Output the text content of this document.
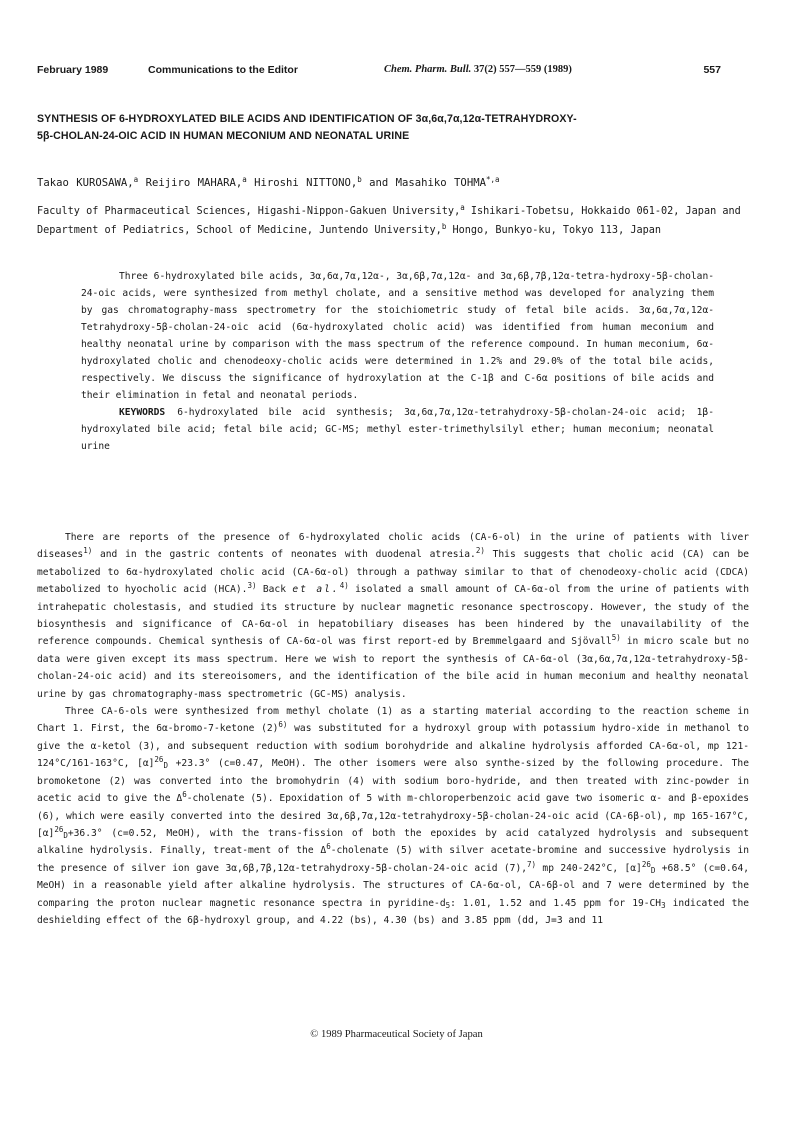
February 1989	Communications to the Editor	Chem. Pharm. Bull. 37(2) 557—559 (1989)	557
SYNTHESIS OF 6-HYDROXYLATED BILE ACIDS AND IDENTIFICATION OF 3α,6α,7α,12α-TETRAHYDROXY-
5β-CHOLAN-24-OIC ACID IN HUMAN MECONIUM AND NEONATAL URINE
Takao KUROSAWA,$^a$ Reijiro MAHARA,$^a$ Hiroshi NITTONO,$^b$ and Masahiko $TOHMA^{*,a}$
Faculty of Pharmaceutical Sciences, Higashi-Nippon-Gakuen University,$^a$ Ishikari-Tobetsu, Hokkaido 061-02, Japan and Department of Pediatrics, School of Medicine, Juntendo University,$^b$ Hongo, Bunkyo-ku, Tokyo 113, Japan

Three 6-hydroxylated bile acids, 3α,6α,7α,12α-, 3α,6β,7α,12α- and 3α,6β,7β,12α-tetra-hydroxy-5β-cholan-24-oic acids, were synthesized from methyl cholate, and a sensitive method was developed for analyzing them by gas chromatography-mass spectrometry for the stoichiometric study of fetal bile acids. 3α,6α,7α,12α-Tetrahydroxy-5β-cholan-24-oic acid (6α-hydroxylated cholic acid) was identified from human meconium and healthy neonatal urine by comparison with the mass spectrum of the reference compound. In human meconium, 6α-hydroxylated cholic and chenodeoxy-cholic acids were determined in 1.2% and 29.0% of the total bile acids, respectively. We discuss the significance of hydroxylation at the C-1β and C-6α positions of bile acids and their elimination in fetal and neonatal periods.

KEYWORDS 6-hydroxylated bile acid synthesis; 3α,6α,7α,12α-tetrahydroxy-5β-cholan-24-oic acid; 1β-hydroxylated bile acid; fetal bile acid; GC-MS; methyl ester-trimethylsilyl ether; human meconium; neonatal urine

There are reports of the presence of 6-hydroxylated cholic acids (CA-6-ol) in the urine of patients with liver diseases$^{1)}$ and in the gastric contents of neonates with duodenal atresia.$^{2)}$ This suggests that cholic acid (CA) can be metabolized to 6α-hydroxylated cholic acid (CA-6α-ol) through a pathway similar to that of chenodeoxy-cholic acid (CDCA) metabolized to hyocholic acid (HCA).$^{3)}$ Back et al.$^{4)}$ isolated a small amount of CA-6α-ol from the urine of patients with intrahepatic cholestasis, and studied its structure by nuclear magnetic resonance spectroscopy. However, the study of the biosynthesis and significance of CA-6α-ol in hepatobiliary diseases has been hindered by the unavailability of the reference compounds. Chemical synthesis of CA-6α-ol was first report-ed by Bremmelgaard and Sjövall$^{5)}$ in micro scale but no data were given except its mass spectrum. Here we wish to report the synthesis of CA-6α-ol (3α,6α,7α,12α-tetrahydroxy-5β-cholan-24-oic acid) and its stereoisomers, and the identification of the bile acid in human meconium and healthy neonatal urine by gas chromatography-mass spectrometric (GC-MS) analysis.

Three CA-6-ols were synthesized from methyl cholate (1) as a starting material according to the reaction scheme in Chart 1. First, the 6α-bromo-7-ketone $(2)^{6)}$ was substituted for a hydroxyl group with potassium hydro-xide in methanol to give the α-ketol (3), and subsequent reduction with sodium borohydride and alkaline hydrolysis afforded CA-6α-ol, mp 121-124°C/161-163°C, $[\alpha]^{26}_D +23.3^\circ$ (c=0.47, MeOH). The other isomers were also synthe-sized by the following procedure. The bromoketone (2) was converted into the bromohydrin (4) with sodium boro-hydride, and then treated with zinc-powder in acetic acid to give the $\Delta^6$-cholenate (5). Epoxidation of 5 with m-chloroperbenzoic acid gave two isomeric α- and β-epoxides (6), which were easily converted into the desired 3α,6β,7α,12α-tetrahydroxy-5β-cholan-24-oic acid (CA-6β-ol), mp 165-167°C, $[\alpha]^{26}_D+36.3^\circ$ (c=0.52, MeOH), with the trans-fission of both the epoxides by acid catalyzed hydrolysis and subsequent alkaline hydrolysis. Finally, treat-ment of the $\Delta^6$-cholenate (5) with silver acetate-bromine and successive hydrolysis in the presence of silver ion gave 3α,6β,7β,12α-tetrahydroxy-5β-cholan-24-oic acid (7),$^{7)}$ mp 240-242°C, $[\alpha]^{26}_D +68.5^\circ$ (c=0.64, MeOH) in a reasonable yield after alkaline hydrolysis. The structures of CA-6α-ol, CA-6β-ol and 7 were determined by the comparing the proton nuclear magnetic resonance spectra in pyridine-$d_5$: 1.01, 1.52 and 1.45 ppm for $19-CH_3$ indicated the deshielding effect of the 6β-hydroxyl group, and 4.22 (bs), 4.30 (bs) and 3.85 ppm (dd, J=3 and 11

© 1989 Pharmaceutical Society of Japan
